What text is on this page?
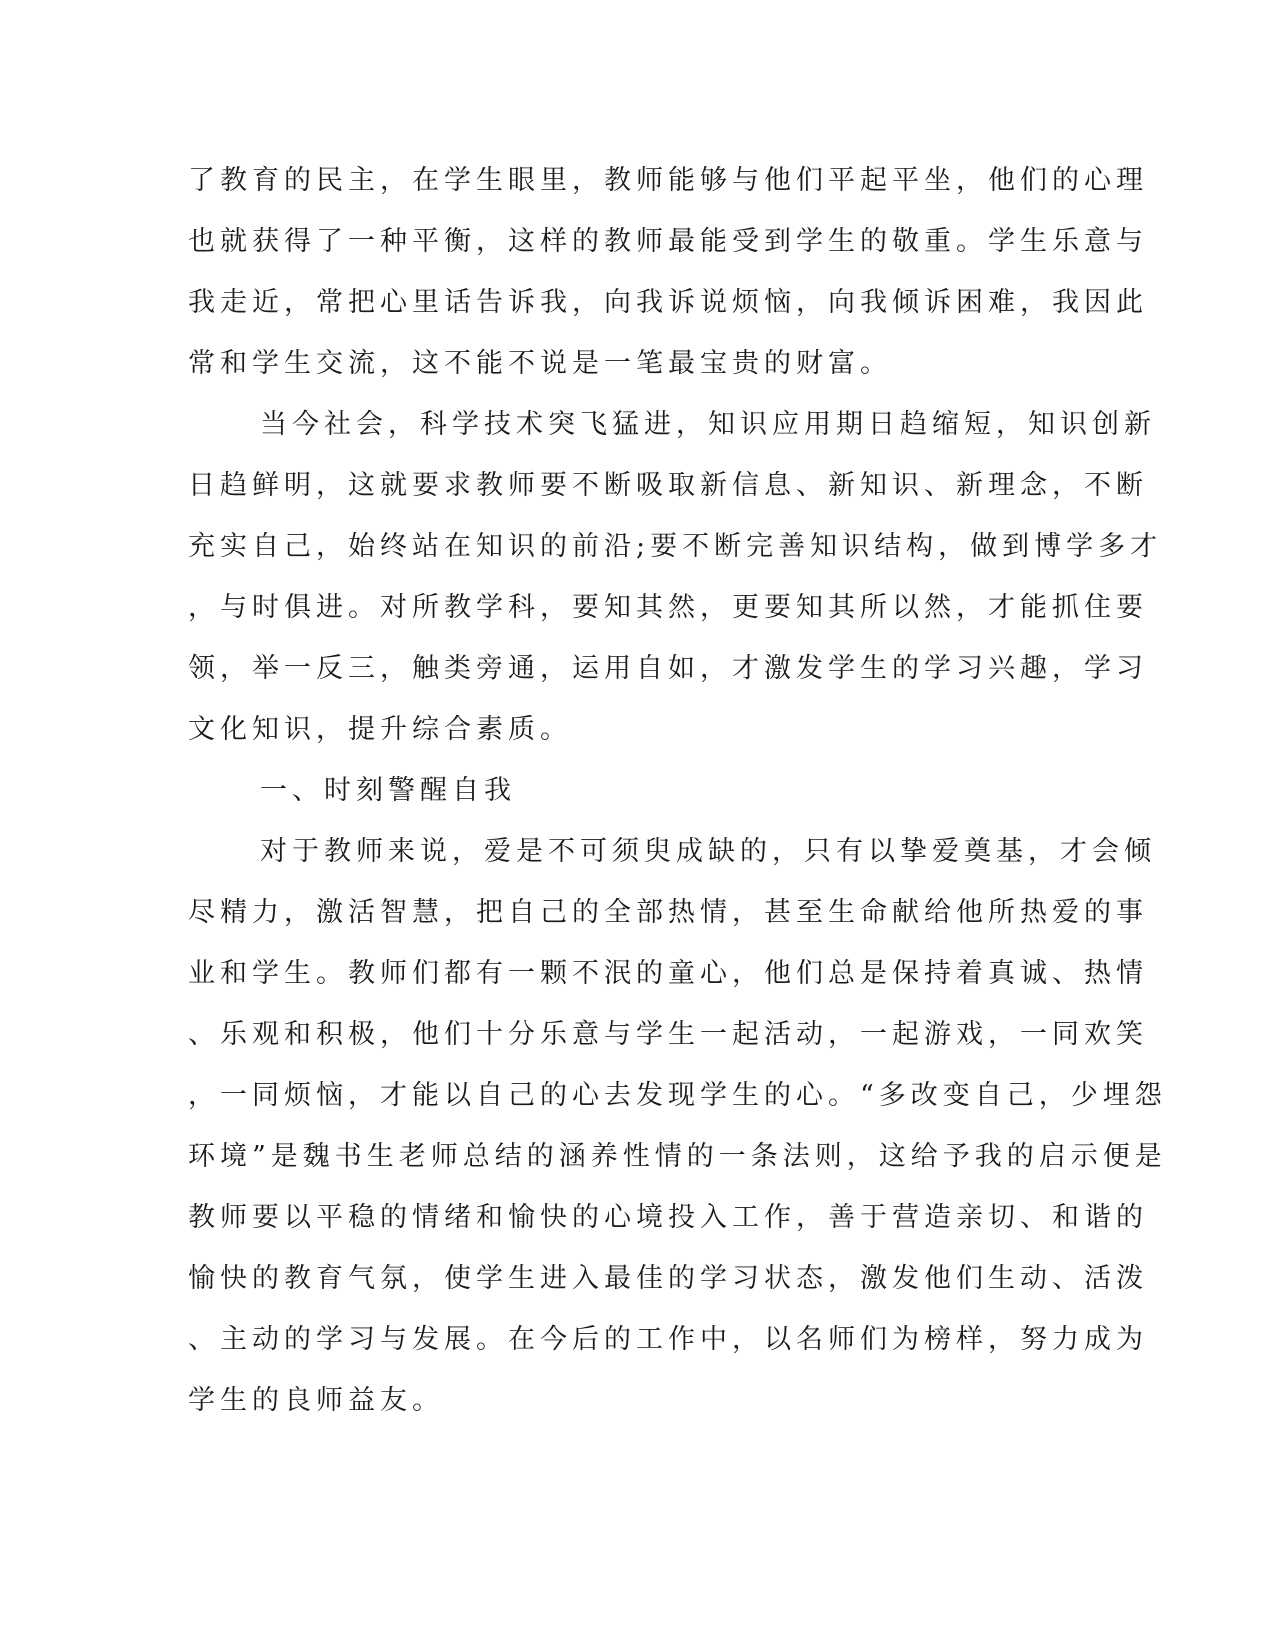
了教育的民主，在学生眼里，教师能够与他们平起平坐，他们的心理
也就获得了一种平衡，这样的教师最能受到学生的敬重。学生乐意与
我走近，常把心里话告诉我，向我诉说烦恼，向我倾诉困难，我因此
常和学生交流，这不能不说是一笔最宝贵的财富。
当今社会，科学技术突飞猛进，知识应用期日趋缩短，知识创新
日趋鲜明，这就要求教师要不断吸取新信息、新知识、新理念，不断
充实自己，始终站在知识的前沿;要不断完善知识结构，做到博学多才
，与时俱进。对所教学科，要知其然，更要知其所以然，才能抓住要
领，举一反三，触类旁通，运用自如，才激发学生的学习兴趣，学习
文化知识，提升综合素质。
一、时刻警醒自我
对于教师来说，爱是不可须臾成缺的，只有以挚爱奠基，才会倾
尽精力，激活智慧，把自己的全部热情，甚至生命献给他所热爱的事
业和学生。教师们都有一颗不泯的童心，他们总是保持着真诚、热情
、乐观和积极，他们十分乐意与学生一起活动，一起游戏，一同欢笑
，一同烦恼，才能以自己的心去发现学生的心。“多改变自己，少埋怨
环境”是魏书生老师总结的涵养性情的一条法则，这给予我的启示便是
教师要以平稳的情绪和愉快的心境投入工作，善于营造亲切、和谐的
愉快的教育气氛，使学生进入最佳的学习状态，激发他们生动、活泼
、主动的学习与发展。在今后的工作中，以名师们为榜样，努力成为
学生的良师益友。
